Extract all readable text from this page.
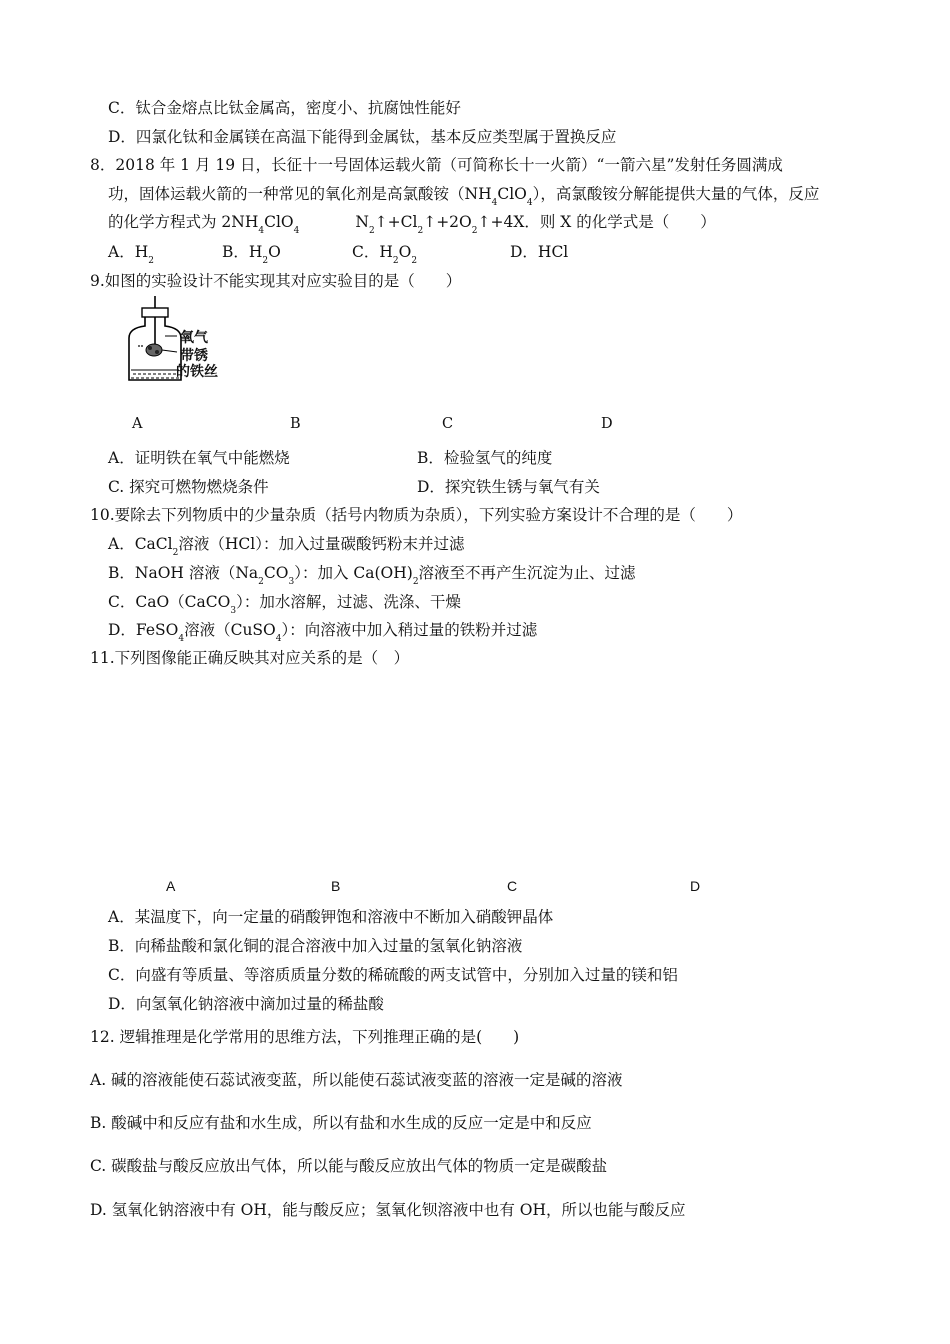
C．钛合金熔点比钛金属高，密度小、抗腐蚀性能好
D．四氯化钛和金属镁在高温下能得到金属钛，基本反应类型属于置换反应
8．2018 年 1 月 19 日，长征十一号固体运载火箭（可简称长十一火箭）“一箭六星”发射任务圆满成
功，固体运载火箭的一种常见的氧化剂是高氯酸铵$(NH_4ClO_4)$，高氯酸铵分解能提供大量的气体，反应
的化学方程式为 $2NH_4ClO_4$	$N_2↑+Cl_2↑+2O_2↑+4X$．则 X 的化学式是（　　）
A．$H_2$	B．$H_2O$	C．$H_2O_2$	D．HCl
9.如图的实验设计不能实现其对应实验目的是（　　）
氧气
带锈
的铁丝
A	B	C	D
A．证明铁在氧气中能燃烧	B．检验氢气的纯度
C. 探究可燃物燃烧条件	D．探究铁生锈与氧气有关
10.要除去下列物质中的少量杂质（括号内物质为杂质），下列实验方案设计不合理的是（　　）
A．CaCl$_2$溶液（HCl）：加入过量碳酸钙粉末并过滤
B．NaOH 溶液$(Na_2CO_3)$：加入 $Ca(OH)_2$溶液至不再产生沉淀为止、过滤
C．CaO（CaCO$_3$）：加水溶解，过滤、洗涤、干燥
D．FeSO$_4$溶液（CuSO$_4$）：向溶液中加入稍过量的铁粉并过滤
11.下列图像能正确反映其对应关系的是（　）
A	B	C	D
A．某温度下，向一定量的硝酸钾饱和溶液中不断加入硝酸钾晶体
B．向稀盐酸和氯化铜的混合溶液中加入过量的氢氧化钠溶液
C．向盛有等质量、等溶质质量分数的稀硫酸的两支试管中，分别加入过量的镁和铝
D．向氢氧化钠溶液中滴加过量的稀盐酸
12. 逻辑推理是化学常用的思维方法，下列推理正确的是(　　)
A. 碱的溶液能使石蕊试液变蓝，所以能使石蕊试液变蓝的溶液一定是碱的溶液
B. 酸碱中和反应有盐和水生成，所以有盐和水生成的反应一定是中和反应
C. 碳酸盐与酸反应放出气体，所以能与酸反应放出气体的物质一定是碳酸盐
D. 氢氧化钠溶液中有 OH，能与酸反应；氢氧化钡溶液中也有 OH，所以也能与酸反应
